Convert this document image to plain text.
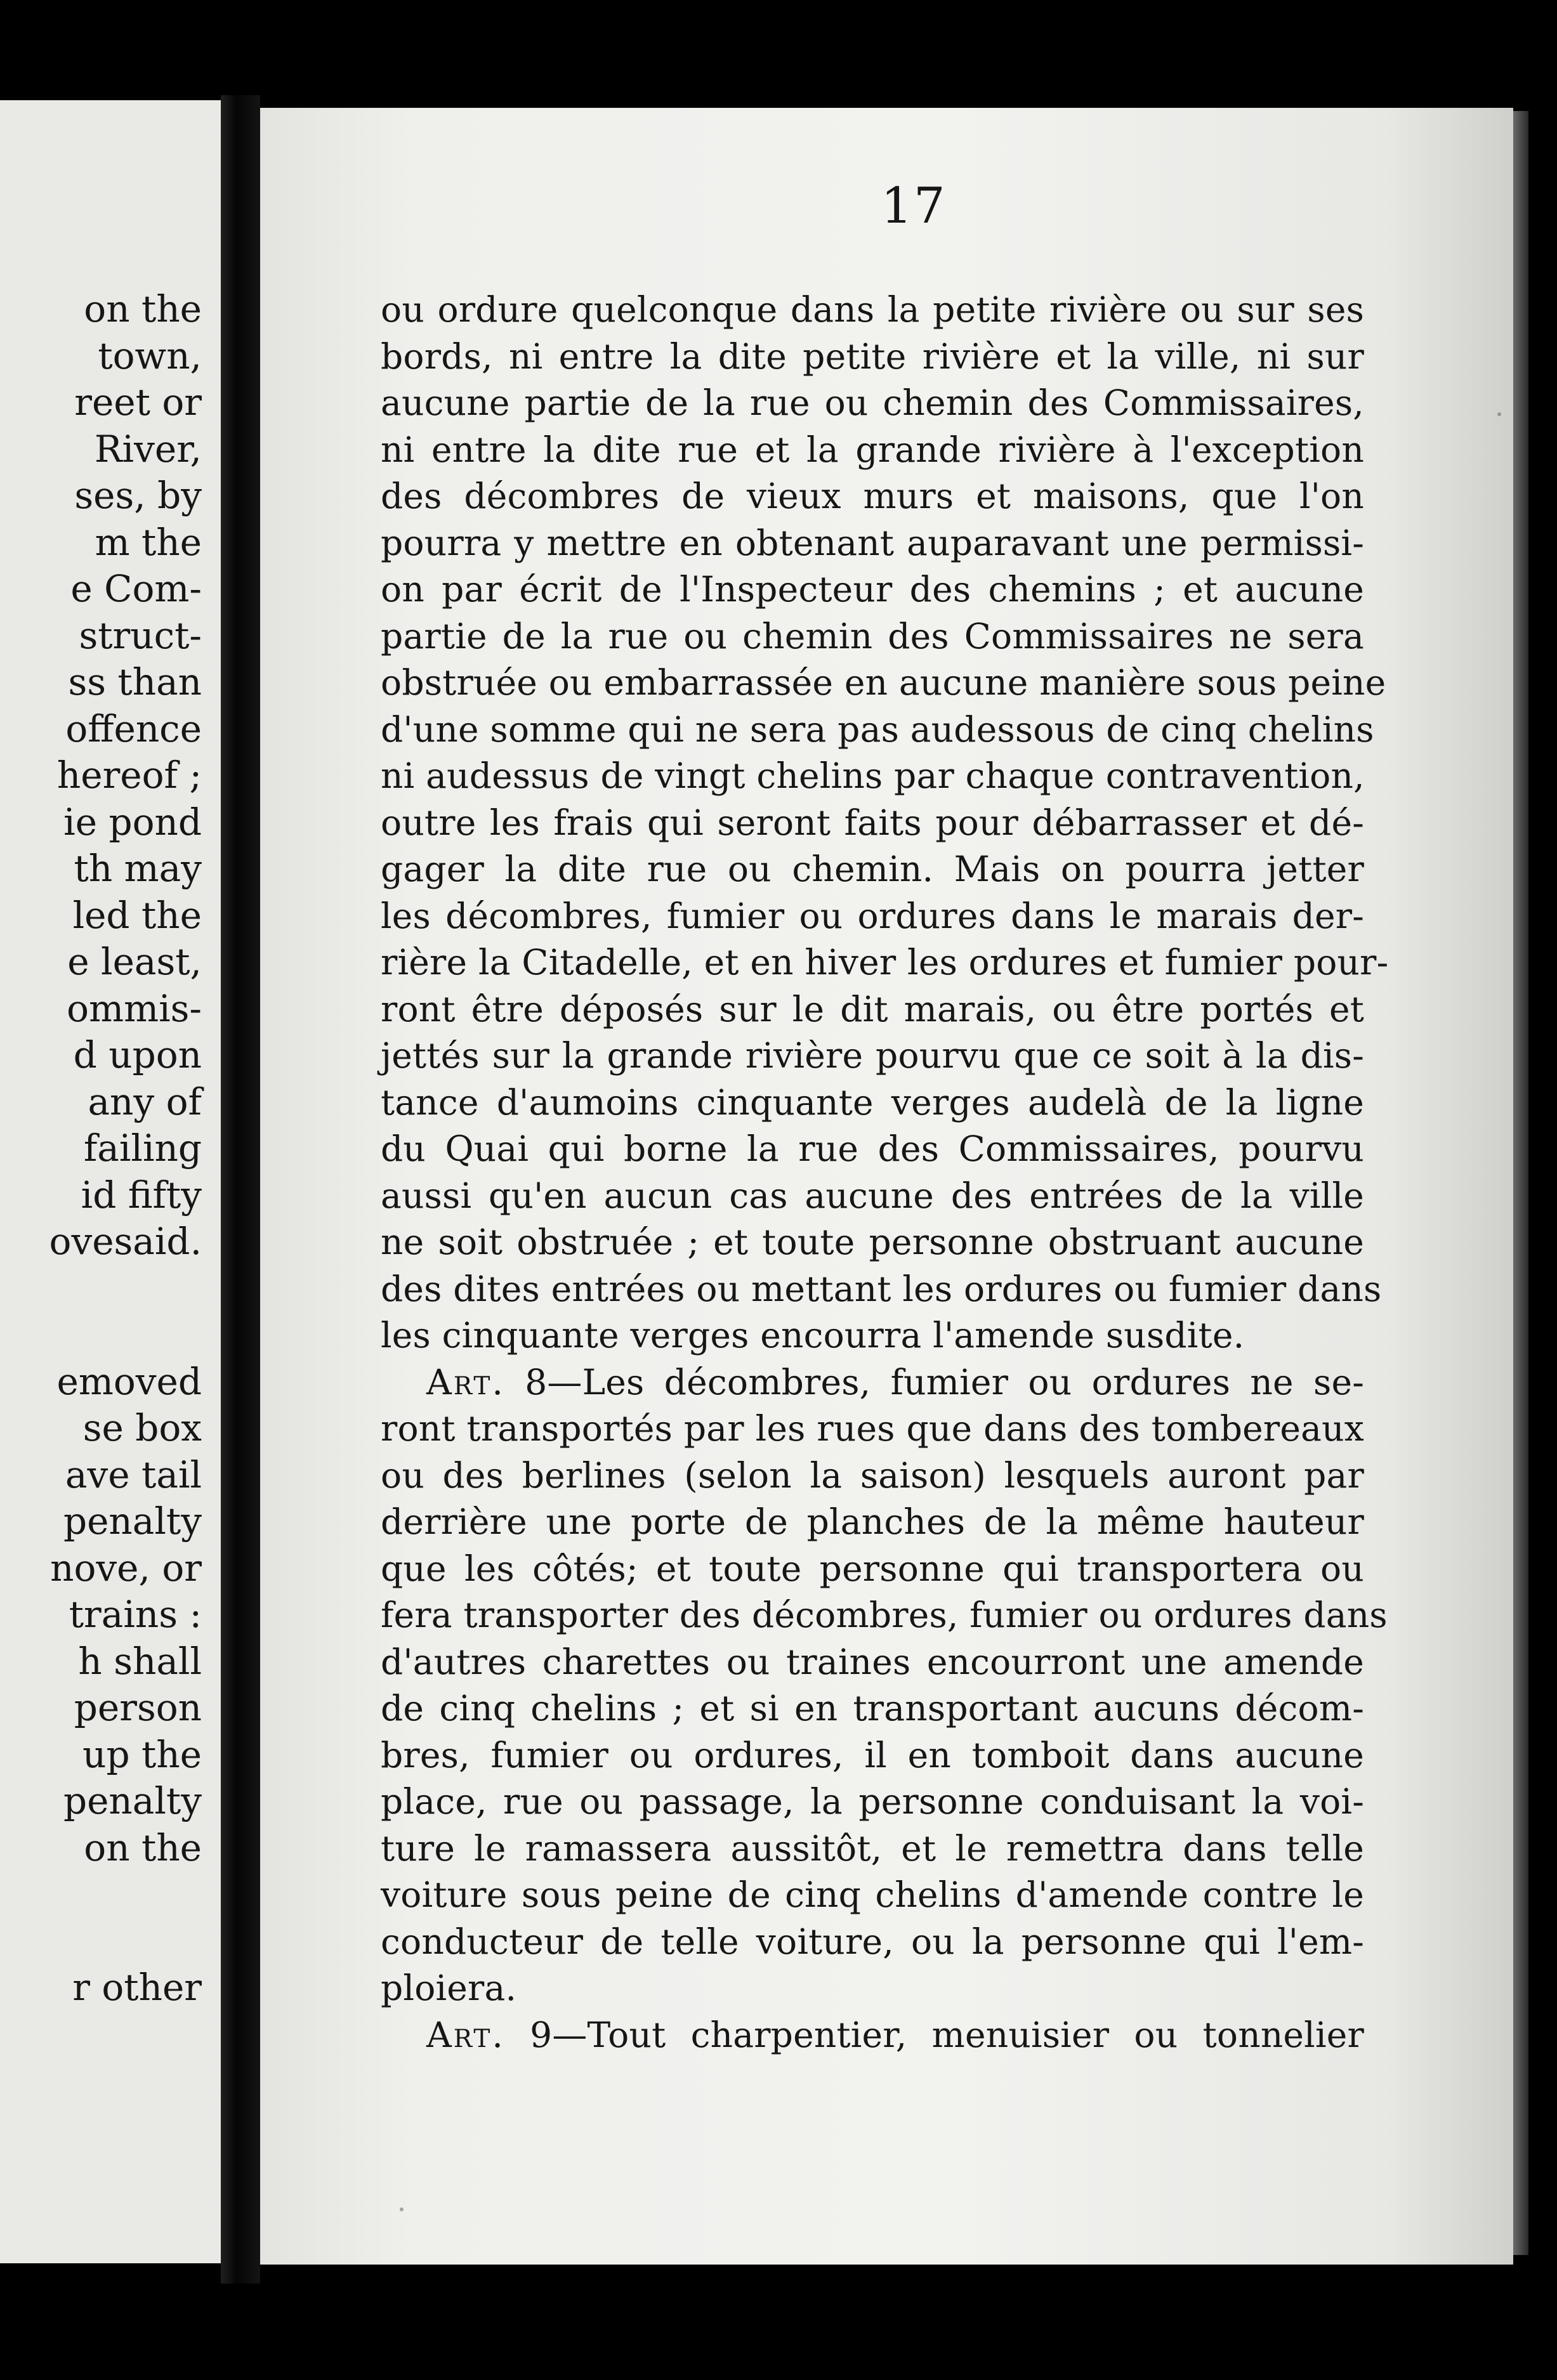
on the
town,
reet or
River,
ses, by
m the
e Com-
struct-
ss than
offence
hereof ;
ie pond
th may
led the
e least,
ommis-
d upon
any of
failing
id fifty
ovesaid.
emoved
se box
ave tail
penalty
nove, or
trains :
h shall
person
up the
penalty
on the
r other
17
ou ordure quelconque dans la petite rivière ou sur ses
bords, ni entre la dite petite rivière et la ville, ni sur
aucune partie de la rue ou chemin des Commissaires,
ni entre la dite rue et la grande rivière à l'exception
des décombres de vieux murs et maisons, que l'on
pourra y mettre en obtenant auparavant une permissi-
on par écrit de l'Inspecteur des chemins ; et aucune
partie de la rue ou chemin des Commissaires ne sera
obstruée ou embarrassée en aucune manière sous peine
d'une somme qui ne sera pas audessous de cinq chelins
ni audessus de vingt chelins par chaque contravention,
outre les frais qui seront faits pour débarrasser et dé-
gager la dite rue ou chemin. Mais on pourra jetter
les décombres, fumier ou ordures dans le marais der-
rière la Citadelle, et en hiver les ordures et fumier pour-
ront être déposés sur le dit marais, ou être portés et
jettés sur la grande rivière pourvu que ce soit à la dis-
tance d'aumoins cinquante verges audelà de la ligne
du Quai qui borne la rue des Commissaires, pourvu
aussi qu'en aucun cas aucune des entrées de la ville
ne soit obstruée ; et toute personne obstruant aucune
des dites entrées ou mettant les ordures ou fumier dans
les cinquante verges encourra l'amende susdite.
Art. 8—Les décombres, fumier ou ordures ne se-
ront transportés par les rues que dans des tombereaux
ou des berlines (selon la saison) lesquels auront par
derrière une porte de planches de la même hauteur
que les côtés; et toute personne qui transportera ou
fera transporter des décombres, fumier ou ordures dans
d'autres charettes ou traines encourront une amende
de cinq chelins ; et si en transportant aucuns décom-
bres, fumier ou ordures, il en tomboit dans aucune
place, rue ou passage, la personne conduisant la voi-
ture le ramassera aussitôt, et le remettra dans telle
voiture sous peine de cinq chelins d'amende contre le
conducteur de telle voiture, ou la personne qui l'em-
ploiera.
Art. 9—Tout charpentier, menuisier ou tonnelier
